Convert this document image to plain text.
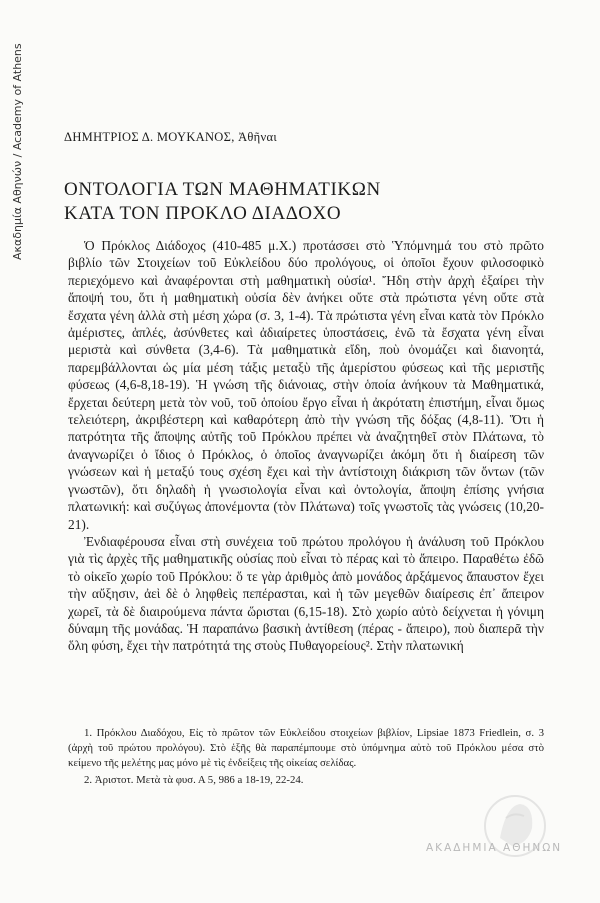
Ακαδημία Αθηνών / Academy of Athens	ΔΗΜΗΤΡΙΟΣ Δ. ΜΟΥΚΑΝΟΣ, Ἀθῆναι
ΟΝΤΟΛΟΓΙΑ ΤΩΝ ΜΑΘΗΜΑΤΙΚΩΝ
ΚΑΤΑ ΤΟΝ ΠΡΟΚΛΟ ΔΙΑΔΟΧΟ

Ὁ Πρόκλος Διάδοχος (410-485 μ.Χ.) προτάσσει στὸ Ὑπόμνημά του στὸ πρῶτο βιβλίο τῶν Στοιχείων τοῦ Εὐκλείδου δύο προλόγους, οἱ ὁποῖοι ἔχουν φιλοσοφικὸ περιεχόμενο καὶ ἀναφέρονται στὴ μαθηματικὴ οὐσία¹. Ἤδη στὴν ἀρχὴ ἐξαίρει τὴν ἄποψή του, ὅτι ἡ μαθηματικὴ οὐσία δὲν ἀνήκει οὔτε στὰ πρώτιστα γένη οὔτε στὰ ἔσχατα γένη ἀλλὰ στὴ μέση χώρα (σ. 3, 1-4). Τὰ πρώτιστα γένη εἶναι κατὰ τὸν Πρόκλο ἀμέριστες, ἁπλές, ἀσύνθετες καὶ ἀδιαίρετες ὑποστάσεις, ἐνῶ τὰ ἔσχατα γένη εἶναι μεριστὰ καὶ σύνθετα (3,4-6). Τὰ μαθηματικὰ εἴδη, ποὺ ὀνομάζει καὶ διανοητά, παρεμβάλλονται ὡς μία μέση τάξις μεταξὺ τῆς ἀμερίστου φύσεως καὶ τῆς μεριστῆς φύσεως (4,6-8,18-19). Ἡ γνώση τῆς διάνοιας, στὴν ὁποία ἀνήκουν τὰ Μαθηματικά, ἔρχεται δεύτερη μετὰ τὸν νοῦ, τοῦ ὁποίου ἔργο εἶναι ἡ ἀκρότατη ἐπιστήμη, εἶναι ὅμως τελειότερη, ἀκριβέστερη καὶ καθαρότερη ἀπὸ τὴν γνώση τῆς δόξας (4,8-11). Ὅτι ἡ πατρότητα τῆς ἄποψης αὐτῆς τοῦ Πρόκλου πρέπει νὰ ἀναζητηθεῖ στὸν Πλάτωνα, τὸ ἀναγνωρίζει ὁ ἴδιος ὁ Πρόκλος, ὁ ὁποῖος ἀναγνωρίζει ἀκόμη ὅτι ἡ διαίρεση τῶν γνώσεων καὶ ἡ μεταξύ τους σχέση ἔχει καὶ τὴν ἀντίστοιχη διάκριση τῶν ὄντων (τῶν γνωστῶν), ὅτι δηλαδὴ ἡ γνωσιολογία εἶναι καὶ ὀντολογία, ἄποψη ἐπίσης γνήσια πλατωνική: καὶ συζύγως ἀπονέμοντα (τὸν Πλάτωνα) τοῖς γνωστοῖς τὰς γνώσεις (10,20-21).

Ἐνδιαφέρουσα εἶναι στὴ συνέχεια τοῦ πρώτου προλόγου ἡ ἀνάλυση τοῦ Πρόκλου γιὰ τὶς ἀρχὲς τῆς μαθηματικῆς οὐσίας ποὺ εἶναι τὸ πέρας καὶ τὸ ἄπειρο. Παραθέτω ἐδῶ τὸ οἰκεῖο χωρίο τοῦ Πρόκλου: ὅ τε γὰρ ἀριθμὸς ἀπὸ μονάδος ἀρξάμενος ἄπαυστον ἔχει τὴν αὔξησιν, ἀεὶ δὲ ὁ ληφθεὶς πεπέρασται, καὶ ἡ τῶν μεγεθῶν διαίρεσις ἐπ᾽ ἄπειρον χωρεῖ, τὰ δὲ διαιρούμενα πάντα ὥρισται (6,15-18). Στὸ χωρίο αὐτὸ δείχνεται ἡ γόνιμη δύναμη τῆς μονάδας. Ἡ παραπάνω βασικὴ ἀντίθεση (πέρας - ἄπειρο), ποὺ διαπερᾶ τὴν ὅλη φύση, ἔχει τὴν πατρότητά της στοὺς Πυθαγορείους². Στὴν πλατωνική

1. Πρόκλου Διαδόχου, Εἰς τὸ πρῶτον τῶν Εὐκλείδου στοιχείων βιβλίον, Lipsiae 1873 Friedlein, σ. 3 (ἀρχὴ τοῦ πρώτου προλόγου). Στὸ ἑξῆς θὰ παραπέμπουμε στὸ ὑπόμνημα αὐτὸ τοῦ Πρόκλου μέσα στὸ κείμενο τῆς μελέτης μας μόνο μὲ τὶς ἐνδείξεις τῆς οἰκείας σελίδας.

2. Ἀριστοτ. Μετὰ τὰ φυσ. Α 5, 986 a 18-19, 22-24.

ΑΚΑΔΗΜΙΑ ΑΘΗΝΩΝ
